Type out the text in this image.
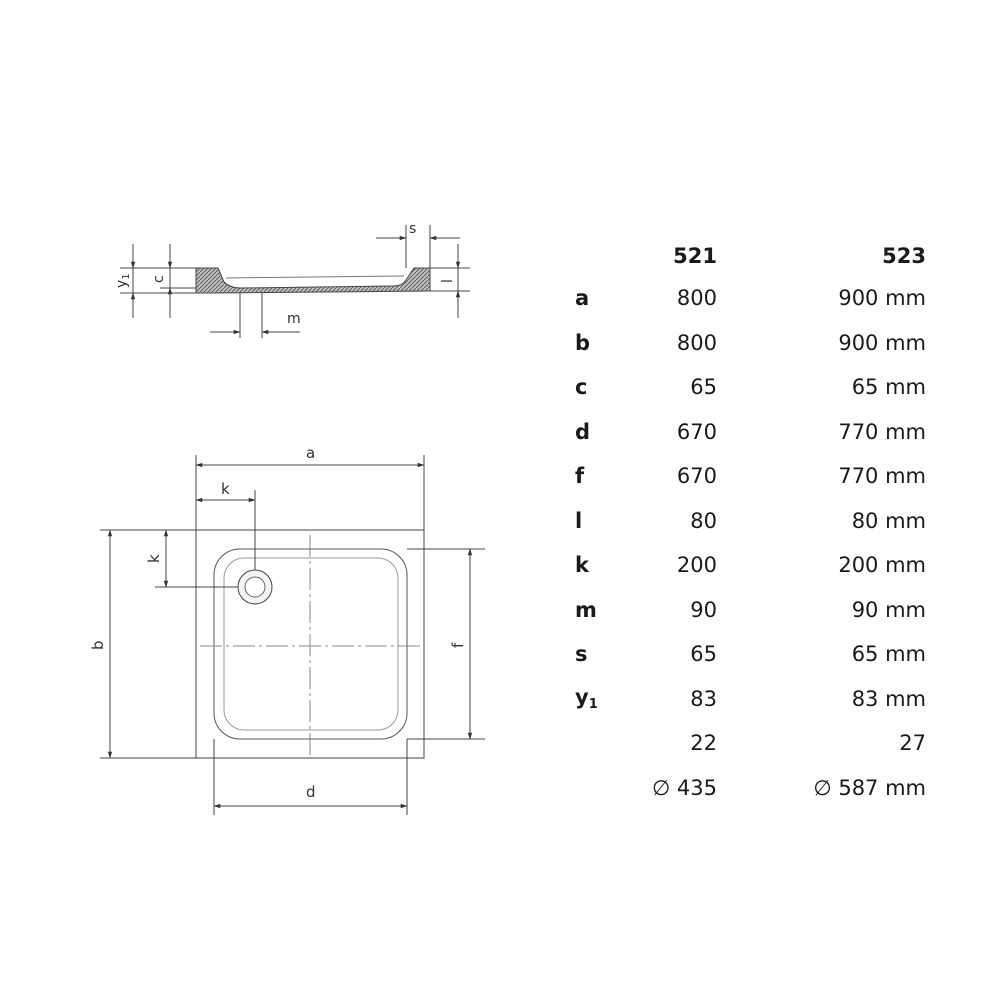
$y_1$ c	l
s
m
a
k
b
k
f
d
	521	523
a	800	900 mm
b	800	900 mm
c	65	65 mm
d	670	770 mm
f	670	770 mm
l	80	80 mm
k	200	200 mm
m	90	90 mm
s	65	65 mm
$y_1$	83	83 mm
	22	27
	∅ 435	∅ 587 mm
